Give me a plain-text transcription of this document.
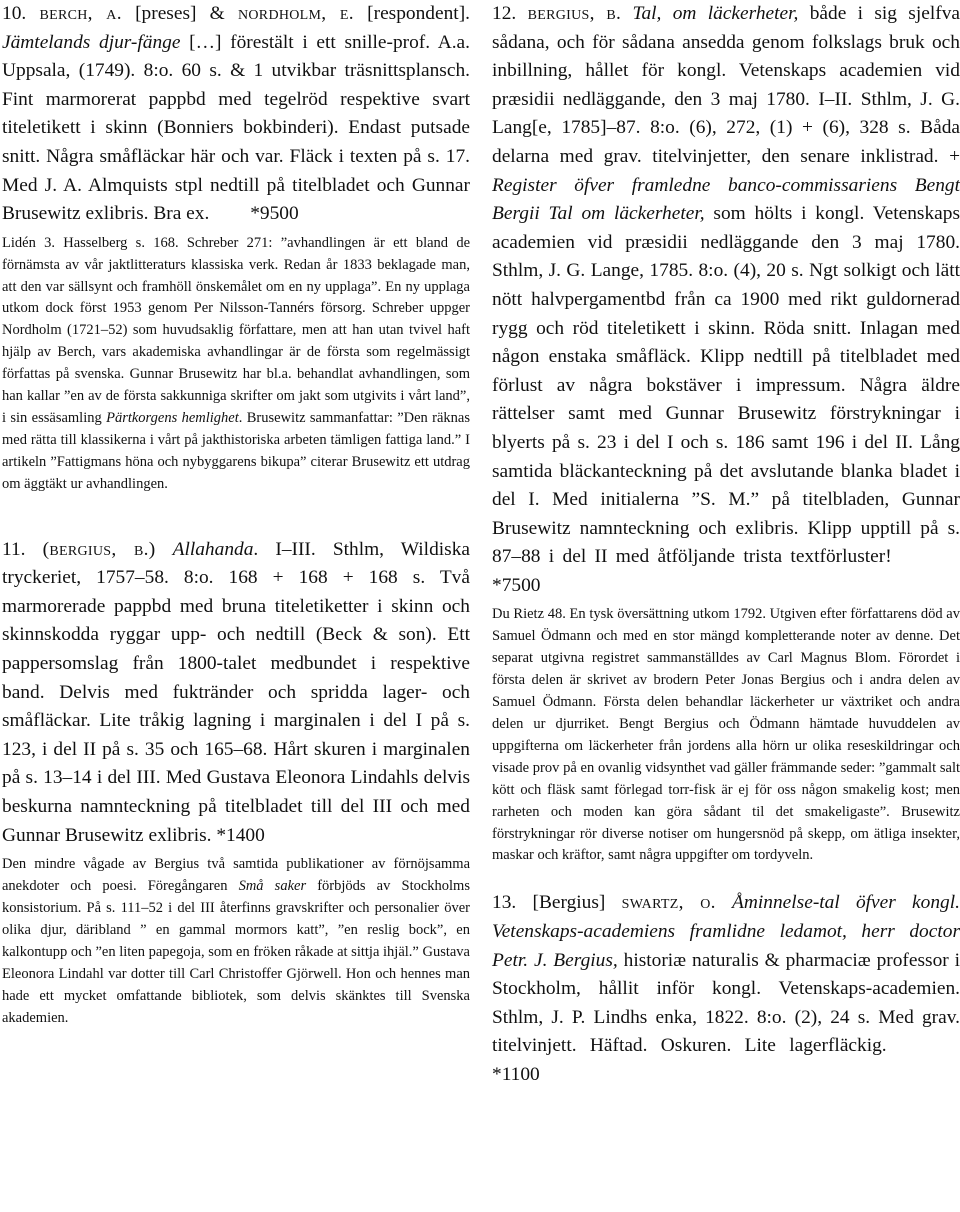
10. berch, a. [preses] & nordholm, e. [respondent]. Jämtelands djur-fänge […] förestält i ett snille-prof. A.a. Uppsala, (1749). 8:o. 60 s. & 1 utvikbar träsnittsplansch. Fint marmorerat pappbd med tegelröd respektive svart titeletikett i skinn (Bonniers bokbinderi). Endast putsade snitt. Några småfläckar här och var. Fläck i texten på s. 17. Med J. A. Almquists stpl nedtill på titelbladet och Gunnar Brusewitz exlibris. Bra ex. *9500

Lidén 3. Hasselberg s. 168. Schreber 271: ”avhandlingen är ett bland de förnämsta av vår jaktlitteraturs klassiska verk. Redan år 1833 beklagade man, att den var sällsynt och framhöll önskemålet om en ny upplaga”. En ny upplaga utkom dock först 1953 genom Per Nilsson-Tannérs försorg. Schreber uppger Nordholm (1721–52) som huvudsaklig författare, men att han utan tvivel haft hjälp av Berch, vars akademiska avhandlingar är de första som regelmässigt författas på svenska. Gunnar Brusewitz har bl.a. behandlat avhandlingen, som han kallar ”en av de första sakkunniga skrifter om jakt som utgivits i vårt land”, i sin essäsamling Pärtkorgens hemlighet. Brusewitz sammanfattar: ”Den räknas med rätta till klassikerna i vårt på jakthistoriska arbeten tämligen fattiga land.” I artikeln ”Fattigmans höna och nybyggarens bikupa” citerar Brusewitz ett utdrag om äggtäkt ur avhandlingen.

11. (bergius, b.) Allahanda. I–III. Sthlm, Wildiska tryckeriet, 1757–58. 8:o. 168 + 168 + 168 s. Två marmorerade pappbd med bruna titeletiketter i skinn och skinnskodda ryggar upp- och nedtill (Beck & son). Ett pappersomslag från 1800-talet medbundet i respektive band. Delvis med fuktränder och spridda lager- och småfläckar. Lite tråkig lagning i marginalen i del I på s. 123, i del II på s. 35 och 165–68. Hårt skuren i marginalen på s. 13–14 i del III. Med Gustava Eleonora Lindahls delvis beskurna namnteckning på titelbladet till del III och med Gunnar Brusewitz exlibris. *1400

Den mindre vågade av Bergius två samtida publikationer av förnöjsamma anekdoter och poesi. Föregångaren Små saker förbjöds av Stockholms konsistorium. På s. 111–52 i del III återfinns gravskrifter och personalier över olika djur, däribland ” en gammal mormors katt”, ”en reslig bock”, en kalkontupp och ”en liten papegoja, som en fröken råkade at sittja ihjäl.” Gustava Eleonora Lindahl var dotter till Carl Christoffer Gjörwell. Hon och hennes man hade ett mycket omfattande bibliotek, som delvis skänktes till Svenska akademien.

12. bergius, b. Tal, om läckerheter, både i sig sjelfva sådana, och för sådana ansedda genom folkslags bruk och inbillning, hållet för kongl. Vetenskaps academien vid præsidii nedläggande, den 3 maj 1780. I–II. Sthlm, J. G. Lang[e, 1785]–87. 8:o. (6), 272, (1) + (6), 328 s. Båda delarna med grav. titelvinjetter, den senare inklistrad. + Register öfver framledne banco-commissariens Bengt Bergii Tal om läckerheter, som hölts i kongl. Vetenskaps academien vid præsidii nedläggande den 3 maj 1780. Sthlm, J. G. Lange, 1785. 8:o. (4), 20 s. Ngt solkigt och lätt nött halvpergamentbd från ca 1900 med rikt guldornerad rygg och röd titeletikett i skinn. Röda snitt. Inlagan med någon enstaka småfläck. Klipp nedtill på titelbladet med förlust av några bokstäver i impressum. Några äldre rättelser samt med Gunnar Brusewitz förstrykningar i blyerts på s. 23 i del I och s. 186 samt 196 i del II. Lång samtida bläckanteckning på det avslutande blanka bladet i del I. Med initialerna ”S. M.” på titelbladen, Gunnar Brusewitz namnteckning och exlibris. Klipp upptill på s. 87–88 i del II med åtföljande trista textförluster! *7500

Du Rietz 48. En tysk översättning utkom 1792. Utgiven efter författarens död av Samuel Ödmann och med en stor mängd kompletterande noter av denne. Det separat utgivna registret sammanställdes av Carl Magnus Blom. Förordet i första delen är skrivet av brodern Peter Jonas Bergius och i andra delen av Samuel Ödmann. Första delen behandlar läckerheter ur växtriket och andra delen ur djurriket. Bengt Bergius och Ödmann hämtade huvuddelen av uppgifterna om läckerheter från jordens alla hörn ur olika reseskildringar och visade prov på en ovanlig vidsynthet vad gäller främmande seder: ”gammalt salt kött och fläsk samt förlegad torr-fisk är ej för oss någon smakelig kost; men rarheten och moden kan göra sådant til det smakeligaste”. Brusewitz förstrykningar rör diverse notiser om hungersnöd på skepp, om ätliga insekter, maskar och kräftor, samt några uppgifter om tordyveln.

13. [Bergius] swartz, o. Åminnelse-tal öfver kongl. Vetenskaps-academiens framlidne ledamot, herr doctor Petr. J. Bergius, historiæ naturalis & pharmaciæ professor i Stockholm, hållit inför kongl. Vetenskaps-academien. Sthlm, J. P. Lindhs enka, 1822. 8:o. (2), 24 s. Med grav. titelvinjett. Häftad. Oskuren. Lite lagerfläckig. *1100
